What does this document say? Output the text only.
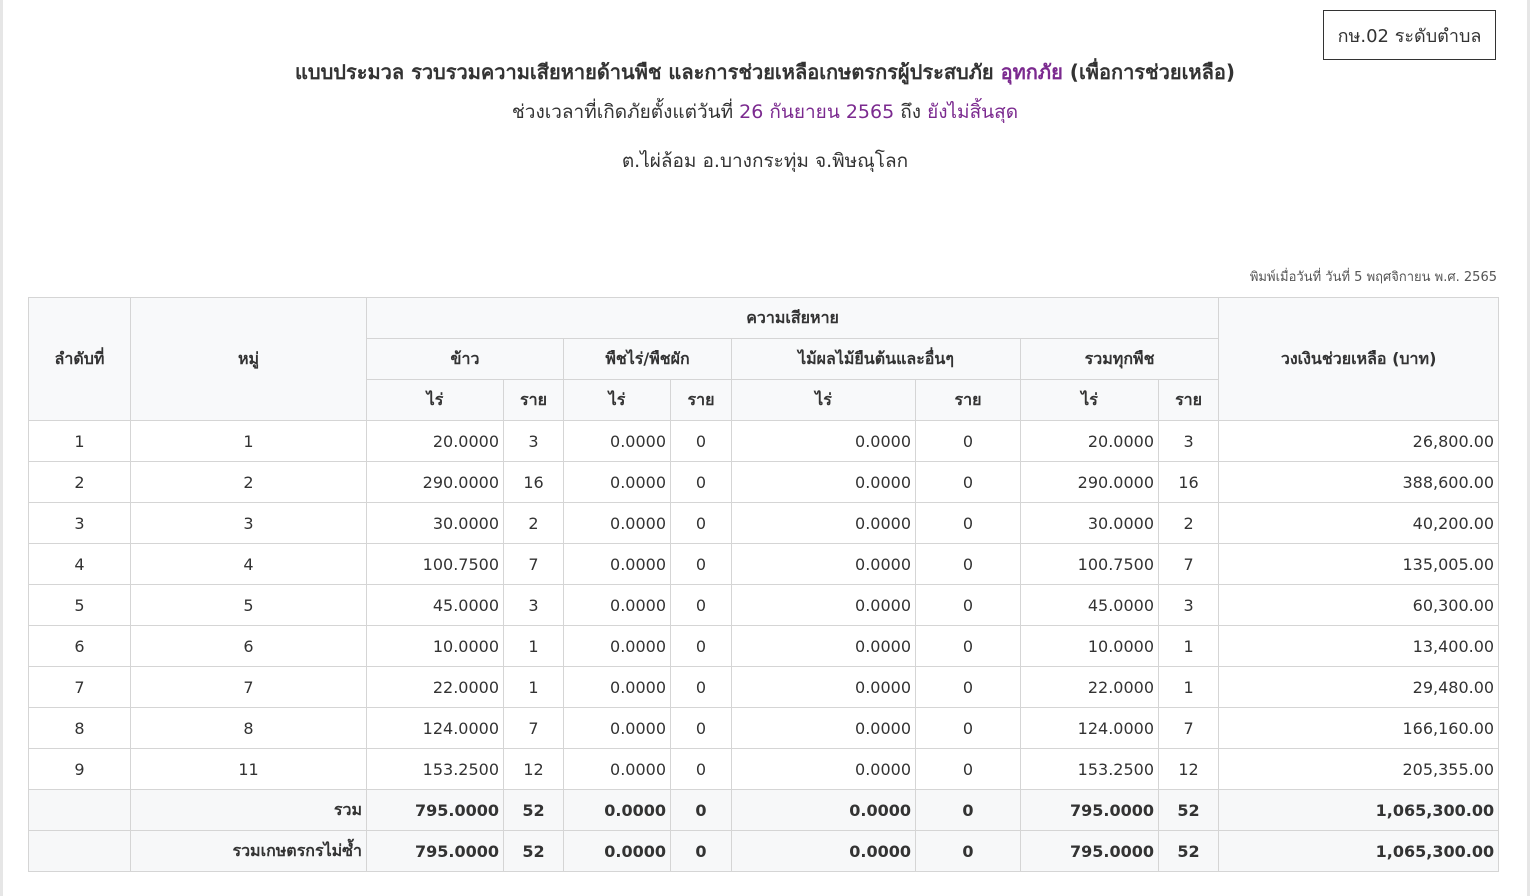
กษ.02 ระดับตำบล
แบบประมวล รวบรวมความเสียหายด้านพืช และการช่วยเหลือเกษตรกรผู้ประสบภัย อุทกภัย (เพื่อการช่วยเหลือ)
ช่วงเวลาที่เกิดภัยตั้งแต่วันที่ 26 กันยายน 2565 ถึง ยังไม่สิ้นสุด
ต.ไผ่ล้อม อ.บางกระทุ่ม จ.พิษณุโลก
พิมพ์เมื่อวันที่ วันที่ 5 พฤศจิกายน พ.ศ. 2565
ลำดับที่	หมู่	ความเสียหาย								วงเงินช่วยเหลือ (บาท)
		ข้าว		พืชไร่/พืชผัก		ไม้ผลไม้ยืนต้นและอื่นๆ		รวมทุกพืช		
		ไร่	ราย	ไร่	ราย	ไร่	ราย	ไร่	ราย	
1	1	20.0000	3	0.0000	0	0.0000	0	20.0000	3	26,800.00
2	2	290.0000	16	0.0000	0	0.0000	0	290.0000	16	388,600.00
3	3	30.0000	2	0.0000	0	0.0000	0	30.0000	2	40,200.00
4	4	100.7500	7	0.0000	0	0.0000	0	100.7500	7	135,005.00
5	5	45.0000	3	0.0000	0	0.0000	0	45.0000	3	60,300.00
6	6	10.0000	1	0.0000	0	0.0000	0	10.0000	1	13,400.00
7	7	22.0000	1	0.0000	0	0.0000	0	22.0000	1	29,480.00
8	8	124.0000	7	0.0000	0	0.0000	0	124.0000	7	166,160.00
9	11	153.2500	12	0.0000	0	0.0000	0	153.2500	12	205,355.00
	รวม	795.0000	52	0.0000	0	0.0000	0	795.0000	52	1,065,300.00
	รวมเกษตรกรไม่ซ้ำ	795.0000	52	0.0000	0	0.0000	0	795.0000	52	1,065,300.00
